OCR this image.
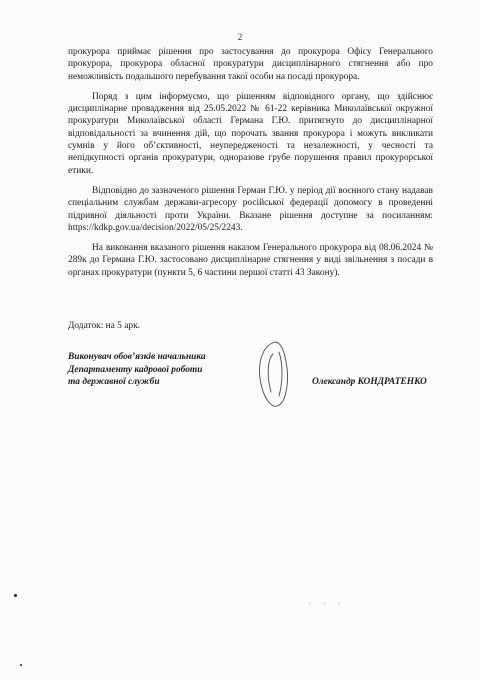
2

прокурора приймає рішення про застосування до прокурора Офісу Генерального прокурора, прокурора обласної прокуратури дисциплінарного стягнення або про неможливість подальшого перебування такої особи на посаді прокурора.

Поряд з цим інформуємо, що рішенням відповідного органу, що здійснює дисциплінарне провадження від 25.05.2022 № 61-22 керівника Миколаївської окружної прокуратури Миколаївської області Германа Г.Ю. притягнуто до дисциплінарної відповідальності за вчинення дій, що порочать звання прокурора і можуть викликати сумнів у його об’єктивності, неупередженості та незалежності, у чесності та непідкупності органів прокуратури, одноразове грубе порушення правил прокурорської етики.

Відповідно до зазначеного рішення Герман Г.Ю. у період дії воєнного стану надавав спеціальним службам держави-агресору російської федерації допомогу в проведенні підривної діяльності проти України. Вказане рішення доступне за посиланням: https://kdkp.gov.ua/decision/2022/05/25/2243.

На виконання вказаного рішення наказом Генерального прокурора від 08.06.2024 № 289к до Германа Г.Ю. застосовано дисциплінарне стягнення у виді звільнення з посади в органах прокуратури (пункти 5, 6 частини першої статті 43 Закону).

Додаток: на 5 арк.
Виконувач обов’язків начальника
Департаменту кадрової роботи
та державної служби	Олександр КОНДРАТЕНКО
▪ ▪ ▪
